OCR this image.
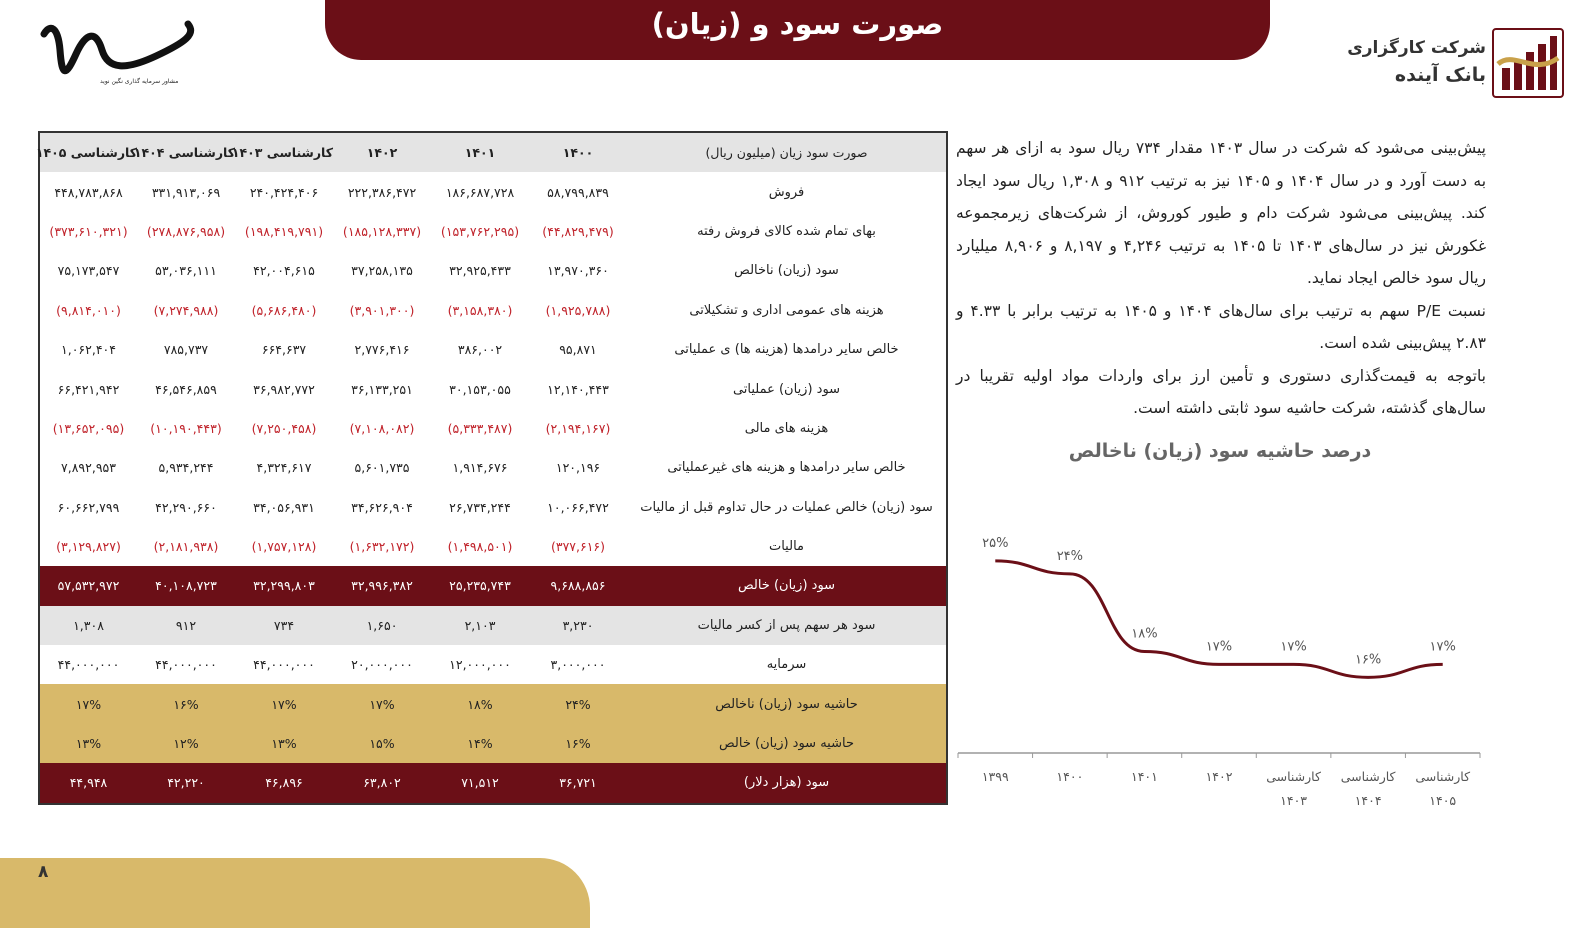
صورت سود و (زیان)
مشاور سرمایه گذاری نگین نوید
شرکت کارگزاری
بانک آینده
صورت سود زیان (میلیون ریال)	۱۴۰۰	۱۴۰۱	۱۴۰۲	کارشناسی ۱۴۰۳	کارشناسی ۱۴۰۴	کارشناسی ۱۴۰۵
فروش	۵۸,۷۹۹,۸۳۹	۱۸۶,۶۸۷,۷۲۸	۲۲۲,۳۸۶,۴۷۲	۲۴۰,۴۲۴,۴۰۶	۳۳۱,۹۱۳,۰۶۹	۴۴۸,۷۸۳,۸۶۸
بهای تمام شده کالای فروش رفته	(۴۴,۸۲۹,۴۷۹)	(۱۵۳,۷۶۲,۲۹۵)	(۱۸۵,۱۲۸,۳۳۷)	(۱۹۸,۴۱۹,۷۹۱)	(۲۷۸,۸۷۶,۹۵۸)	(۳۷۳,۶۱۰,۳۲۱)
سود (زیان) ناخالص	۱۳,۹۷۰,۳۶۰	۳۲,۹۲۵,۴۳۳	۳۷,۲۵۸,۱۳۵	۴۲,۰۰۴,۶۱۵	۵۳,۰۳۶,۱۱۱	۷۵,۱۷۳,۵۴۷
هزینه های عمومی اداری و تشکیلاتی	(۱,۹۲۵,۷۸۸)	(۳,۱۵۸,۳۸۰)	(۳,۹۰۱,۳۰۰)	(۵,۶۸۶,۴۸۰)	(۷,۲۷۴,۹۸۸)	(۹,۸۱۴,۰۱۰)
خالص سایر درامدها (هزینه ها) ی عملیاتی	۹۵,۸۷۱	۳۸۶,۰۰۲	۲,۷۷۶,۴۱۶	۶۶۴,۶۳۷	۷۸۵,۷۳۷	۱,۰۶۲,۴۰۴
سود (زیان) عملیاتی	۱۲,۱۴۰,۴۴۳	۳۰,۱۵۳,۰۵۵	۳۶,۱۳۳,۲۵۱	۳۶,۹۸۲,۷۷۲	۴۶,۵۴۶,۸۵۹	۶۶,۴۲۱,۹۴۲
هزینه های مالی	(۲,۱۹۴,۱۶۷)	(۵,۳۳۳,۴۸۷)	(۷,۱۰۸,۰۸۲)	(۷,۲۵۰,۴۵۸)	(۱۰,۱۹۰,۴۴۳)	(۱۳,۶۵۲,۰۹۵)
خالص سایر درامدها و هزینه های غیرعملیاتی	۱۲۰,۱۹۶	۱,۹۱۴,۶۷۶	۵,۶۰۱,۷۳۵	۴,۳۲۴,۶۱۷	۵,۹۳۴,۲۴۴	۷,۸۹۲,۹۵۳
سود (زیان) خالص عملیات در حال تداوم قبل از مالیات	۱۰,۰۶۶,۴۷۲	۲۶,۷۳۴,۲۴۴	۳۴,۶۲۶,۹۰۴	۳۴,۰۵۶,۹۳۱	۴۲,۲۹۰,۶۶۰	۶۰,۶۶۲,۷۹۹
مالیات	(۳۷۷,۶۱۶)	(۱,۴۹۸,۵۰۱)	(۱,۶۳۲,۱۷۲)	(۱,۷۵۷,۱۲۸)	(۲,۱۸۱,۹۳۸)	(۳,۱۲۹,۸۲۷)
سود (زیان) خالص	۹,۶۸۸,۸۵۶	۲۵,۲۳۵,۷۴۳	۳۲,۹۹۶,۳۸۲	۳۲,۲۹۹,۸۰۳	۴۰,۱۰۸,۷۲۳	۵۷,۵۳۲,۹۷۲
سود هر سهم پس از کسر مالیات	۳,۲۳۰	۲,۱۰۳	۱,۶۵۰	۷۳۴	۹۱۲	۱,۳۰۸
سرمایه	۳,۰۰۰,۰۰۰	۱۲,۰۰۰,۰۰۰	۲۰,۰۰۰,۰۰۰	۴۴,۰۰۰,۰۰۰	۴۴,۰۰۰,۰۰۰	۴۴,۰۰۰,۰۰۰
حاشیه سود (زیان) ناخالص	۲۴%	۱۸%	۱۷%	۱۷%	۱۶%	۱۷%
حاشیه سود (زیان) خالص	۱۶%	۱۴%	۱۵%	۱۳%	۱۲%	۱۳%
سود (هزار دلار)	۳۶,۷۲۱	۷۱,۵۱۲	۶۳,۸۰۲	۴۶,۸۹۶	۴۲,۲۲۰	۴۴,۹۴۸

پیش‌بینی می‌شود که شرکت در سال ۱۴۰۳ مقدار ۷۳۴ ریال سود به ازای هر سهم به دست آورد و در سال ۱۴۰۴ و ۱۴۰۵ نیز به ترتیب ۹۱۲ و ۱,۳۰۸ ریال سود ایجاد کند. پیش‌بینی می‌شود شرکت دام و طیور کوروش، از شرکت‌های زیرمجموعه غکورش نیز در سال‌های ۱۴۰۳ تا ۱۴۰۵ به ترتیب ۴,۲۴۶ و ۸,۱۹۷ و ۸,۹۰۶ میلیارد ریال سود خالص ایجاد نماید.

نسبت P/E سهم به ترتیب برای سال‌های ۱۴۰۴ و ۱۴۰۵ به ترتیب برابر با ۴.۳۳ و ۲.۸۳ پیش‌بینی شده است.

باتوجه به قیمت‌گذاری دستوری و تأمین ارز برای واردات مواد اولیه تقریبا در سال‌های گذشته، شرکت حاشیه سود ثابتی داشته است.

درصد حاشیه سود (زیان) ناخالص
۲۵%
۱۳۹۹
۲۴%
۱۴۰۰
۱۸%
۱۴۰۱
۱۷%
۱۴۰۲
۱۷%
کارشناسی ۱۴۰۳
۱۶%
کارشناسی ۱۴۰۴
۱۷%
کارشناسی ۱۴۰۵
۸
